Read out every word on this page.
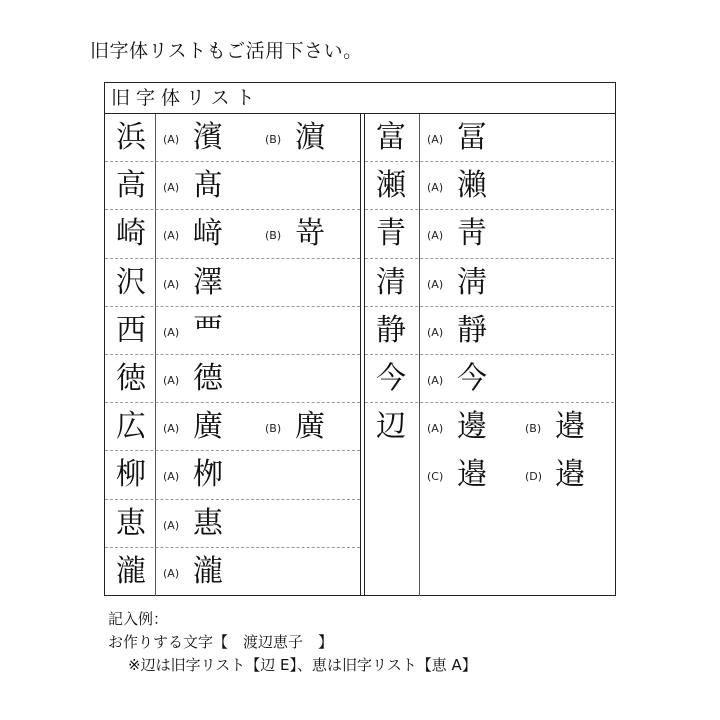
旧字体リストもご活用下さい。
旧字体リスト
浜	(A) 濱	(B) 濵
高	(A) 髙
崎	(A) 﨑	(B) 嵜
沢	(A) 澤
西	(A) 覀
徳	(A) 德
広	(A) 廣	(B) 廣
柳	(A) 栁
恵	(A) 惠
瀧	(A) 瀧
富	(A) 冨
瀬	(A) 瀨
青	(A) 靑
清	(A) 淸
静	(A) 靜
今	(A) 今
辺	(A) 邊	(B) 邉
(C) 邉	(D) 邉
記入例：
お作りする文字【　渡辺恵子　】
※辺は旧字リスト【辺 E】、恵は旧字リスト【恵 A】
